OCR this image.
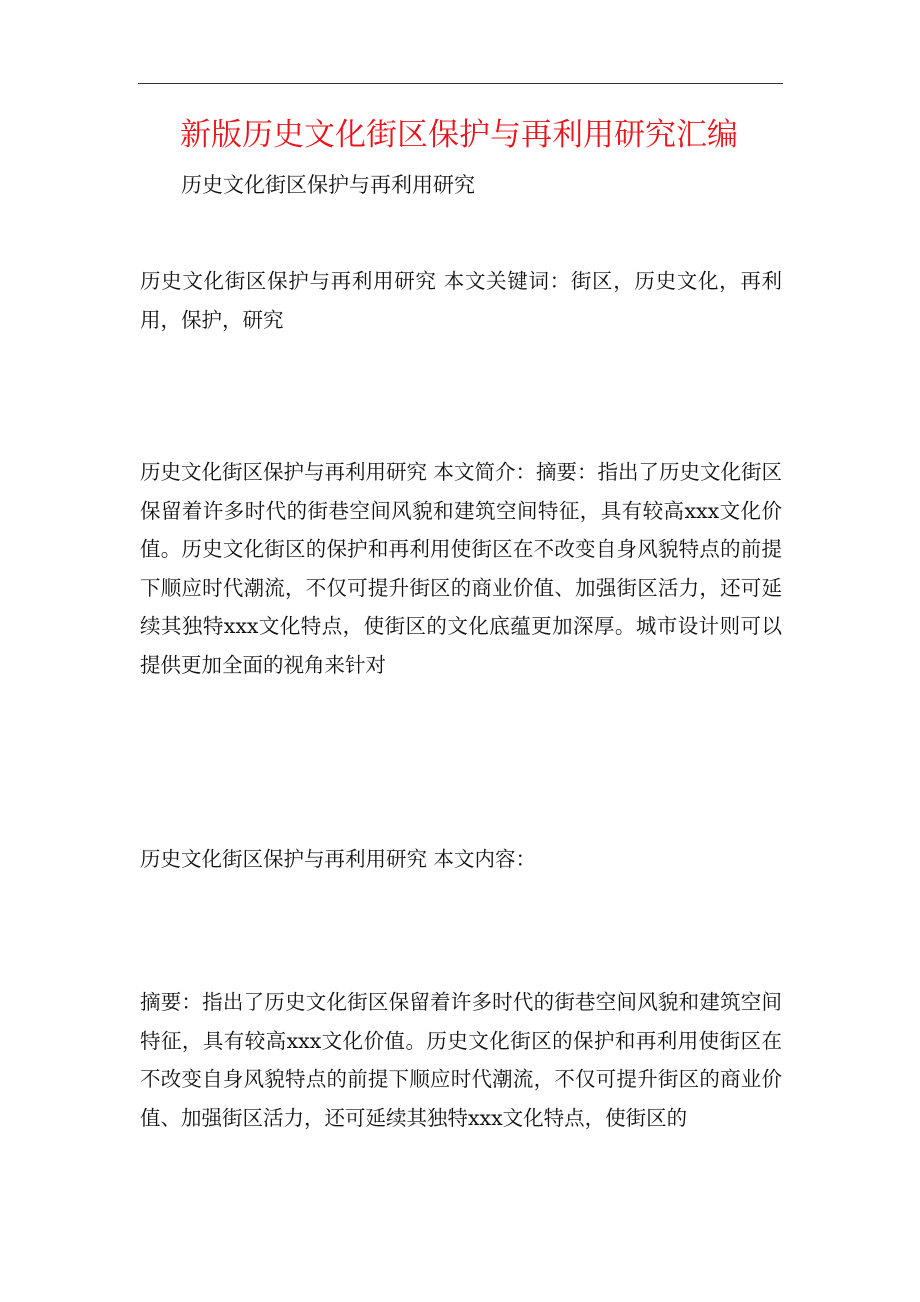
新版历史文化街区保护与再利用研究汇编

历史文化街区保护与再利用研究

历史文化街区保护与再利用研究 本文关键词：街区，历史文化，再利用，保护，研究

历史文化街区保护与再利用研究 本文简介：摘要：指出了历史文化街区保留着许多时代的街巷空间风貌和建筑空间特征，具有较高xxx文化价值。历史文化街区的保护和再利用使街区在不改变自身风貌特点的前提下顺应时代潮流，不仅可提升街区的商业价值、加强街区活力，还可延续其独特xxx文化特点，使街区的文化底蕴更加深厚。城市设计则可以提供更加全面的视角来针对

历史文化街区保护与再利用研究 本文内容：

摘要：指出了历史文化街区保留着许多时代的街巷空间风貌和建筑空间特征，具有较高xxx文化价值。历史文化街区的保护和再利用使街区在不改变自身风貌特点的前提下顺应时代潮流，不仅可提升街区的商业价值、加强街区活力，还可延续其独特xxx文化特点，使街区的
